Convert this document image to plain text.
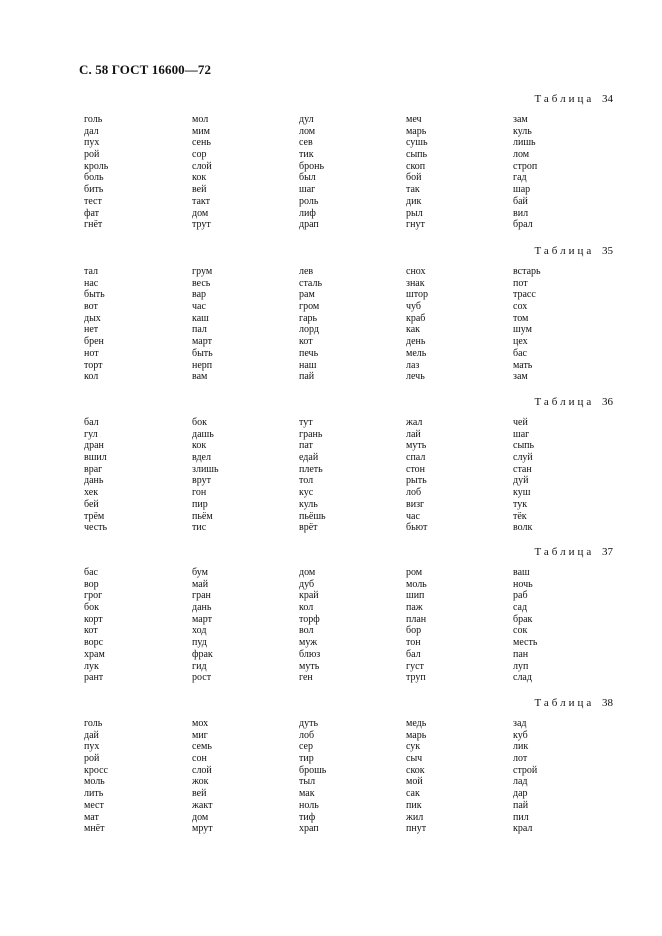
С. 58 ГОСТ 16600—72
Таблица 34
голь
дал
пух
рой
кроль
боль
бить
тест
фат
гнёт
мол
мим
сень
сор
слой
кок
вей
такт
дом
трут
дул
лом
сев
тик
бронь
был
шаг
роль
лиф
драп
меч
марь
сушь
сыпь
скоп
бой
так
дик
рыл
гнут
зам
куль
лишь
лом
строп
гад
шар
бай
вил
брал
Таблица 35
тал
нас
быть
вот
дых
нет
брен
нот
торт
кол
грум
весь
вар
час
каш
пал
март
быть
нерп
вам
лев
сталь
рам
гром
гарь
лорд
кот
печь
наш
пай
снох
знак
штор
чуб
краб
как
день
мель
лаз
лечь
встарь
пот
трасс
сох
том
шум
цех
бас
мать
зам
Таблица 36
бал
гул
дран
вшил
враг
дань
хек
бей
трём
честь
бок
дашь
кок
вдел
злишь
врут
гон
пир
пьём
тис
тут
грань
пат
едай
плеть
тол
кус
куль
пьёшь
врёт
жал
лай
муть
спал
стон
рыть
лоб
визг
час
бьют
чей
шаг
сыпь
слуй
стан
дуй
куш
тук
тёк
волк
Таблица 37
бас
вор
грог
бок
корт
кот
ворс
храм
лук
рант
бум
май
гран
дань
март
ход
пуд
фрак
гид
рост
дом
дуб
край
кол
торф
вол
муж
блюз
муть
ген
ром
моль
шип
паж
план
бор
тон
бал
густ
труп
ваш
ночь
раб
сад
брак
сок
месть
пан
луп
слад
Таблица 38
голь
дай
пух
рой
кросс
моль
лить
мест
мат
мнёт
мох
миг
семь
сон
слой
жок
вей
жакт
дом
мрут
дуть
лоб
сер
тир
брошь
тыл
мак
ноль
тиф
храп
медь
марь
сук
сыч
скок
мой
сак
пик
жил
пнут
зад
куб
лик
лот
строй
лад
дар
пай
пил
крал
